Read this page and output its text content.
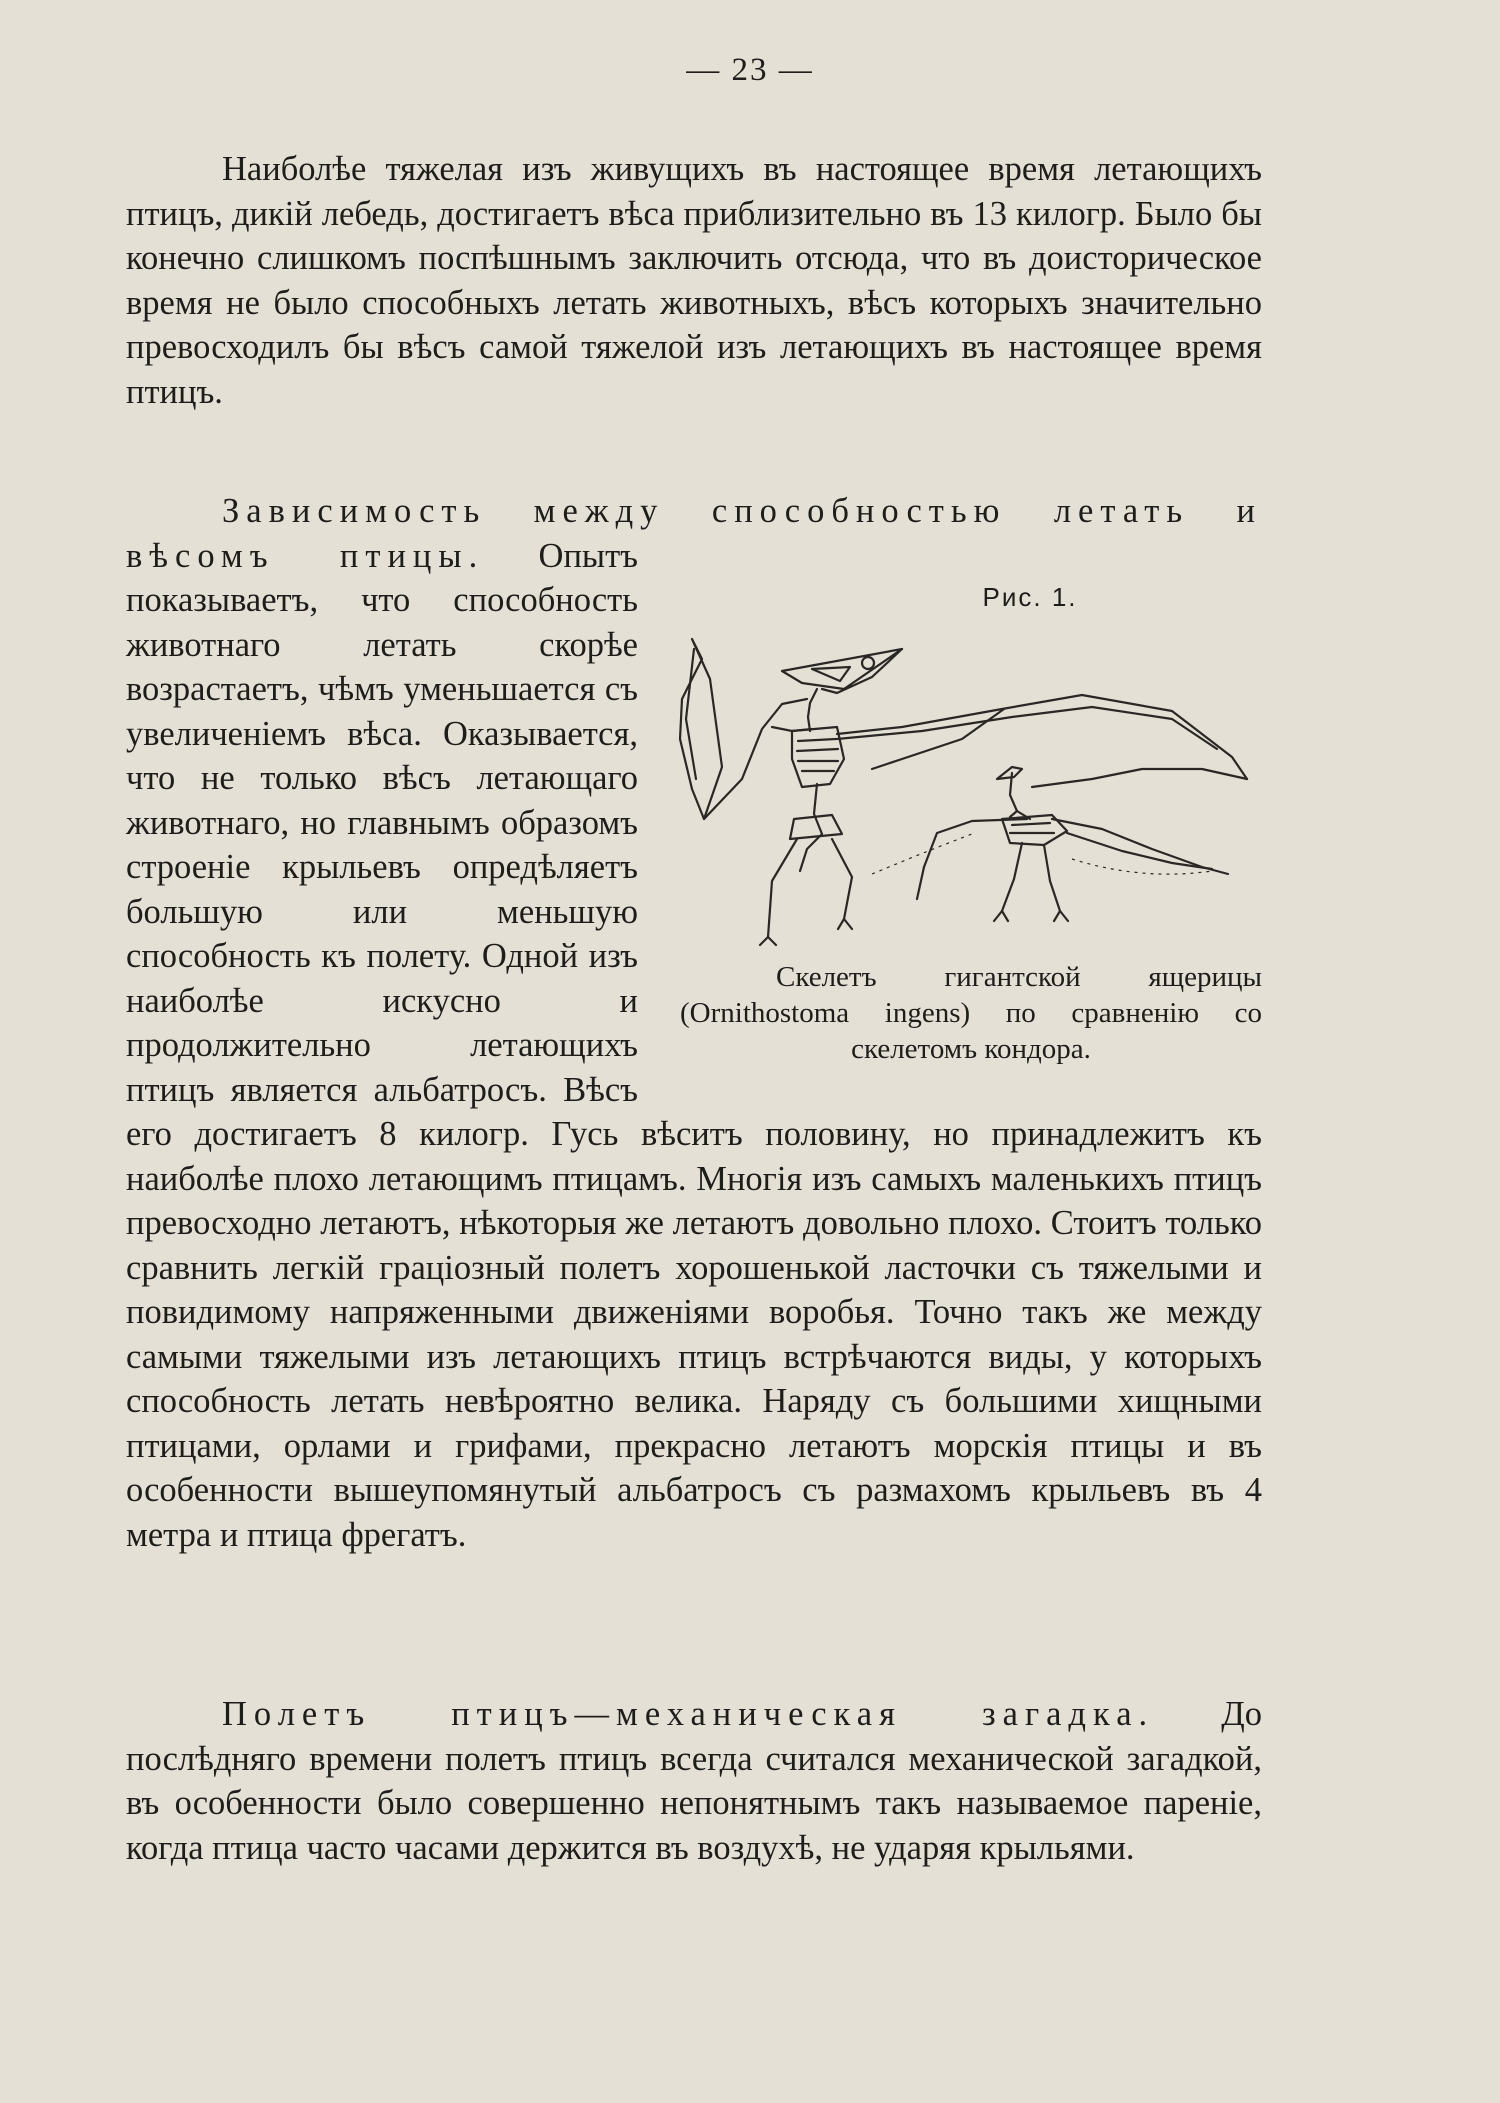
— 23 —

Наиболѣе тяжелая изъ живущихъ въ настоящее время летающихъ птицъ, дикій лебедь, достигаетъ вѣса приблизительно въ 13 килогр. Было бы конечно слишкомъ поспѣшнымъ заключить отсюда, что въ доисторическое время не было способныхъ летать животныхъ, вѣсъ которыхъ значительно превосходилъ бы вѣсъ самой тяжелой изъ летающихъ въ настоящее время птицъ.

Рис. 1.
Скелетъ гигантской ящерицы (Ornithostoma ingens) по сравненію со скелетомъ кондора.
Зависимость между способностью летать и вѣсомъ птицы. Опытъ показываетъ, что способность животнаго летать скорѣе возрастаетъ, чѣмъ уменьшается съ увеличеніемъ вѣса. Оказывается, что не только вѣсъ летающаго животнаго, но главнымъ образомъ строеніе крыльевъ опредѣляетъ большую или меньшую способность къ полету. Одной изъ наиболѣе искусно и продолжительно летающихъ птицъ является альбатросъ. Вѣсъ его достигаетъ 8 килогр. Гусь вѣситъ половину, но принадлежитъ къ наиболѣе плохо летающимъ птицамъ. Многія изъ самыхъ маленькихъ птицъ превосходно летаютъ, нѣкоторыя же летаютъ довольно плохо. Стоитъ только сравнить легкій граціозный полетъ хорошенькой ласточки съ тяжелыми и повидимому напряженными движеніями воробья. Точно такъ же между самыми тяжелыми изъ летающихъ птицъ встрѣчаются виды, у которыхъ способность летать невѣроятно велика. Наряду съ большими хищными птицами, орлами и грифами, прекрасно летаютъ морскія птицы и въ особенности вышеупомянутый альбатросъ съ размахомъ крыльевъ въ 4 метра и птица фрегатъ.

Полетъ птицъ—механическая загадка. До послѣдняго времени полетъ птицъ всегда считался механической загадкой, въ особенности было совершенно непонятнымъ такъ называемое пареніе, когда птица часто часами держится въ воздухѣ, не ударяя крыльями.
